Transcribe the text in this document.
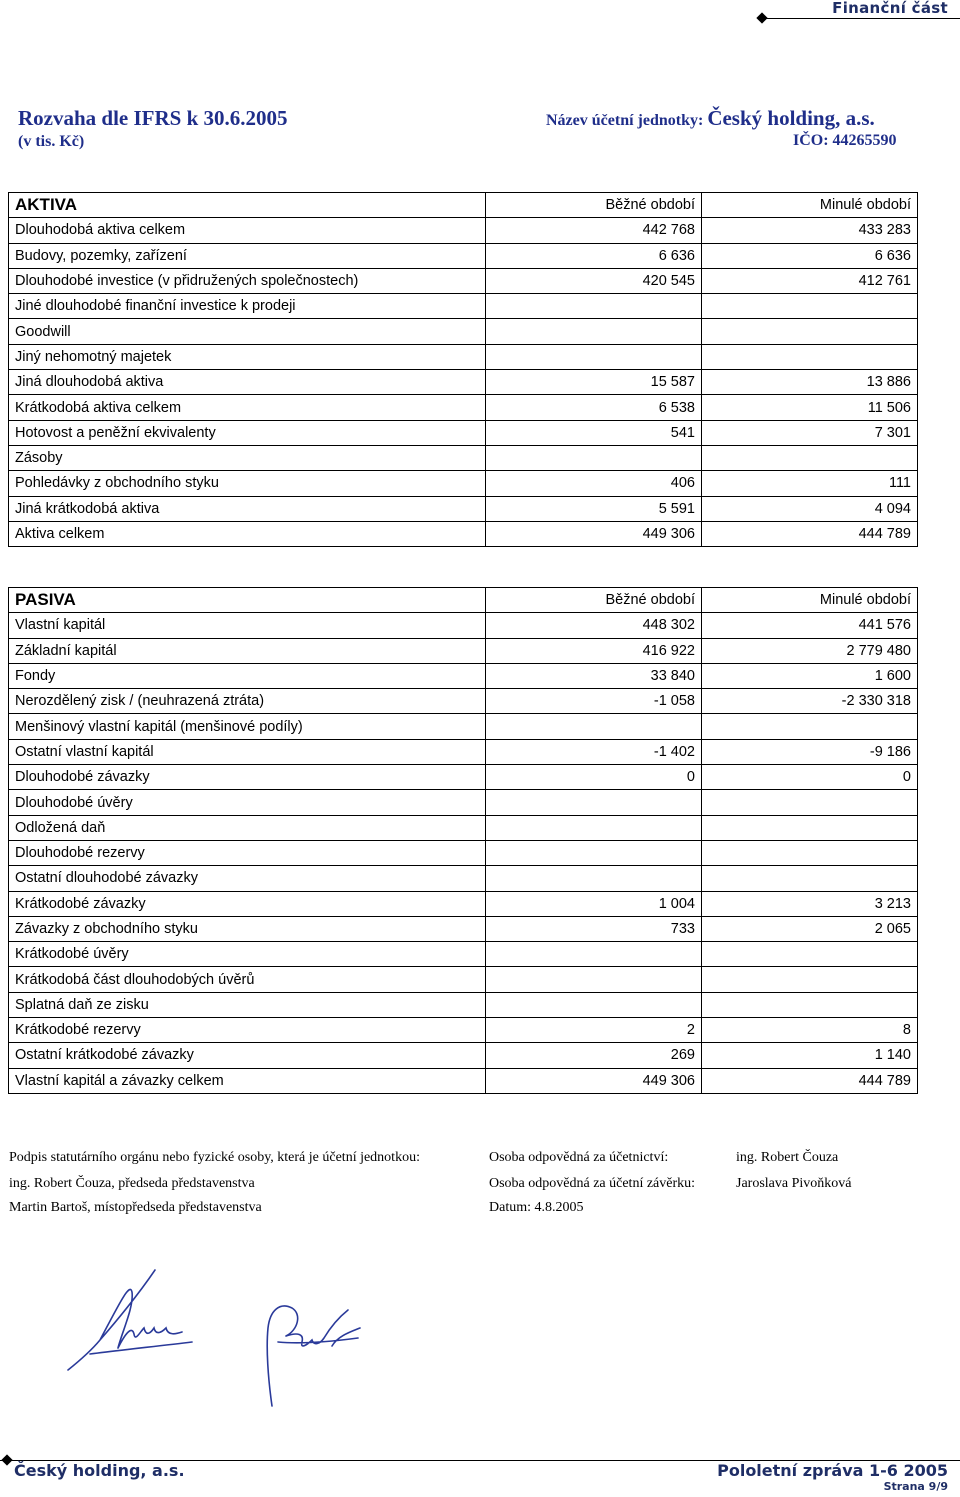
Finanční část
Rozvaha dle IFRS k 30.6.2005
(v tis. Kč)
Název účetní jednotky: Český holding, a.s.
IČO: 44265590
AKTIVA	Běžné období	Minulé období
Dlouhodobá aktiva celkem	442 768	433 283
Budovy, pozemky, zařízení	6 636	6 636
Dlouhodobé investice (v přidružených společnostech)	420 545	412 761
Jiné dlouhodobé finanční investice k prodeji		
Goodwill		
Jiný nehomotný majetek		
Jiná dlouhodobá aktiva	15 587	13 886
Krátkodobá aktiva celkem	6 538	11 506
Hotovost a peněžní ekvivalenty	541	7 301
Zásoby		
Pohledávky z obchodního styku	406	111
Jiná krátkodobá aktiva	5 591	4 094
Aktiva celkem	449 306	444 789
PASIVA	Běžné období	Minulé období
Vlastní kapitál	448 302	441 576
Základní kapitál	416 922	2 779 480
Fondy	33 840	1 600
Nerozdělený zisk / (neuhrazená ztráta)	-1 058	-2 330 318
Menšinový vlastní kapitál (menšinové podíly)		
Ostatní vlastní kapitál	-1 402	-9 186
Dlouhodobé závazky	0	0
Dlouhodobé úvěry		
Odložená daň		
Dlouhodobé rezervy		
Ostatní dlouhodobé závazky		
Krátkodobé závazky	1 004	3 213
Závazky z obchodního styku	733	2 065
Krátkodobé úvěry		
Krátkodobá část dlouhodobých úvěrů		
Splatná daň ze zisku		
Krátkodobé rezervy	2	8
Ostatní krátkodobé závazky	269	1 140
Vlastní kapitál a závazky celkem	449 306	444 789
Podpis statutárního orgánu nebo fyzické osoby, která je účetní jednotkou:
ing. Robert Čouza, předseda představenstva
Martin Bartoš, místopředseda představenstva
Osoba odpovědná za účetnictví:
Osoba odpovědná za účetní závěrku:
Datum: 4.8.2005
ing. Robert Čouza
Jaroslava Pivoňková
Český holding, a.s.	Pololetní zpráva 1-6 2005
Strana 9/9
